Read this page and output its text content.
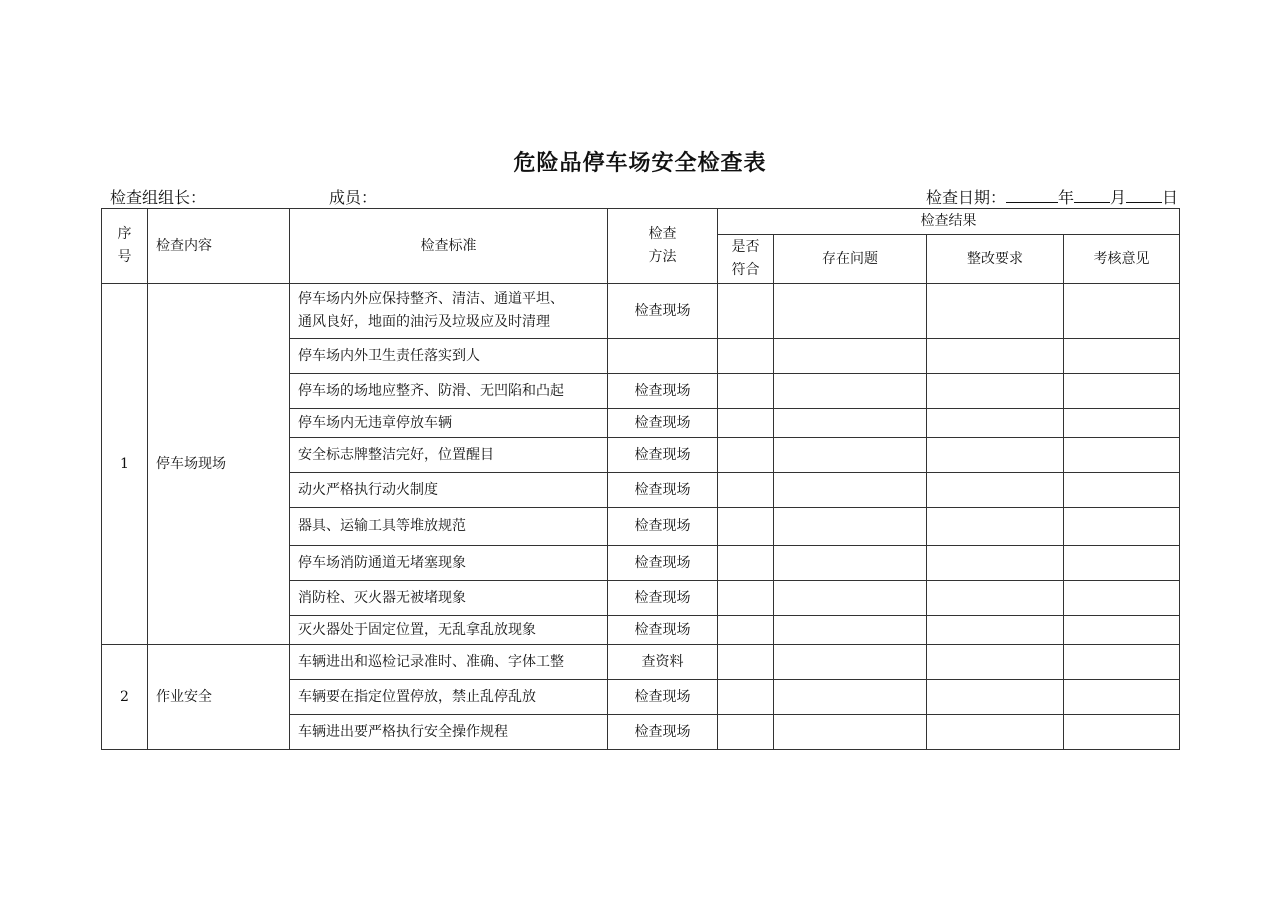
危险品停车场安全检查表
检查组组长：	成员：	检查日期：	年 月 日
序
号	检查内容	检查标准	检查
方法	检查结果			
				是否
符合	存在问题	整改要求	考核意见
1	停车场现场	停车场内外应保持整齐、清洁、通道平坦、
通风良好，地面的油污及垃圾应及时清理	检查现场				
		停车场内外卫生责任落实到人					
		停车场的场地应整齐、防滑、无凹陷和凸起	检查现场				
		停车场内无违章停放车辆	检查现场				
		安全标志牌整洁完好，位置醒目	检查现场				
		动火严格执行动火制度	检查现场				
		器具、运输工具等堆放规范	检查现场				
		停车场消防通道无堵塞现象	检查现场				
		消防栓、灭火器无被堵现象	检查现场				
		灭火器处于固定位置，无乱拿乱放现象	检查现场				
2	作业安全	车辆进出和巡检记录准时、准确、字体工整	查资料				
		车辆要在指定位置停放，禁止乱停乱放	检查现场				
		车辆进出要严格执行安全操作规程	检查现场				
